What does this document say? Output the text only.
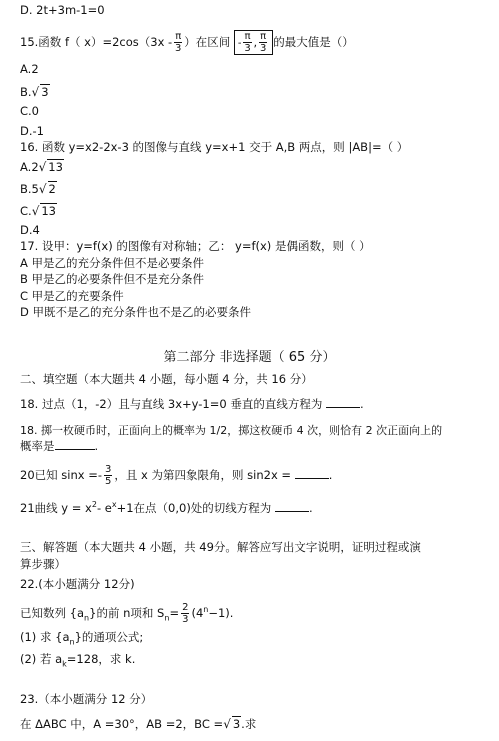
D. 2t+3m-1=0
15.函数 f（ $x)=2\cos(3x - \frac{\pi}{3}$ ）在区间 - $\frac{\pi}{3}$ , $\frac{\pi}{3}$ 的最大值是（）
A.2
B.√ 3
C.0
D.-1
16. 函数 y=x2-2x-3 的图像与直线 y=x+1 交于 A,B 两点，则 |AB|=（ ）
A.2√ 13
B.5√ 2
C.√ 13
D.4
17. 设甲：y=f(x) 的图像有对称轴；乙： y=f(x) 是偶函数，则（ ）
A 甲是乙的充分条件但不是必要条件
B 甲是乙的必要条件但不是充分条件
C 甲是乙的充要条件
D 甲既不是乙的充分条件也不是乙的必要条件
第二部分 非选择题（ 65 分）
二、填空题（本大题共 4 小题，每小题 4 分，共 16 分）
18. 过点（1，-2）且与直线 3x+y-1=0 垂直的直线方程为	.
18. 掷一枚硬币时，正面向上的概率为 1/2，掷这枚硬币 4 次，则恰有 2 次正面向上的
概率是	.
20已知 $\sin x =- \frac{3}{5}$ ，且 x 为第四象限角，则 sin2x =	.
21曲线 $y = x^2-$ $e^x+1$在点（0,0)处的切线方程为	.
三、解答题（本大题共 4 小题，共 49分。解答应写出文字说明，证明过程或演
算步骤）
22.(本小题满分 12分)
已知数列 $\{a_n\}$的前 n项和 $S_n= \frac{2}{3} (4^n-1)$.
(1) 求 $\{a_n\}$的通项公式;
(2) 若 $a_k=128$，求 k.
23.（本小题满分 12 分）
在 ΔABC 中，A =30°，AB =2，BC =√ 3.求
